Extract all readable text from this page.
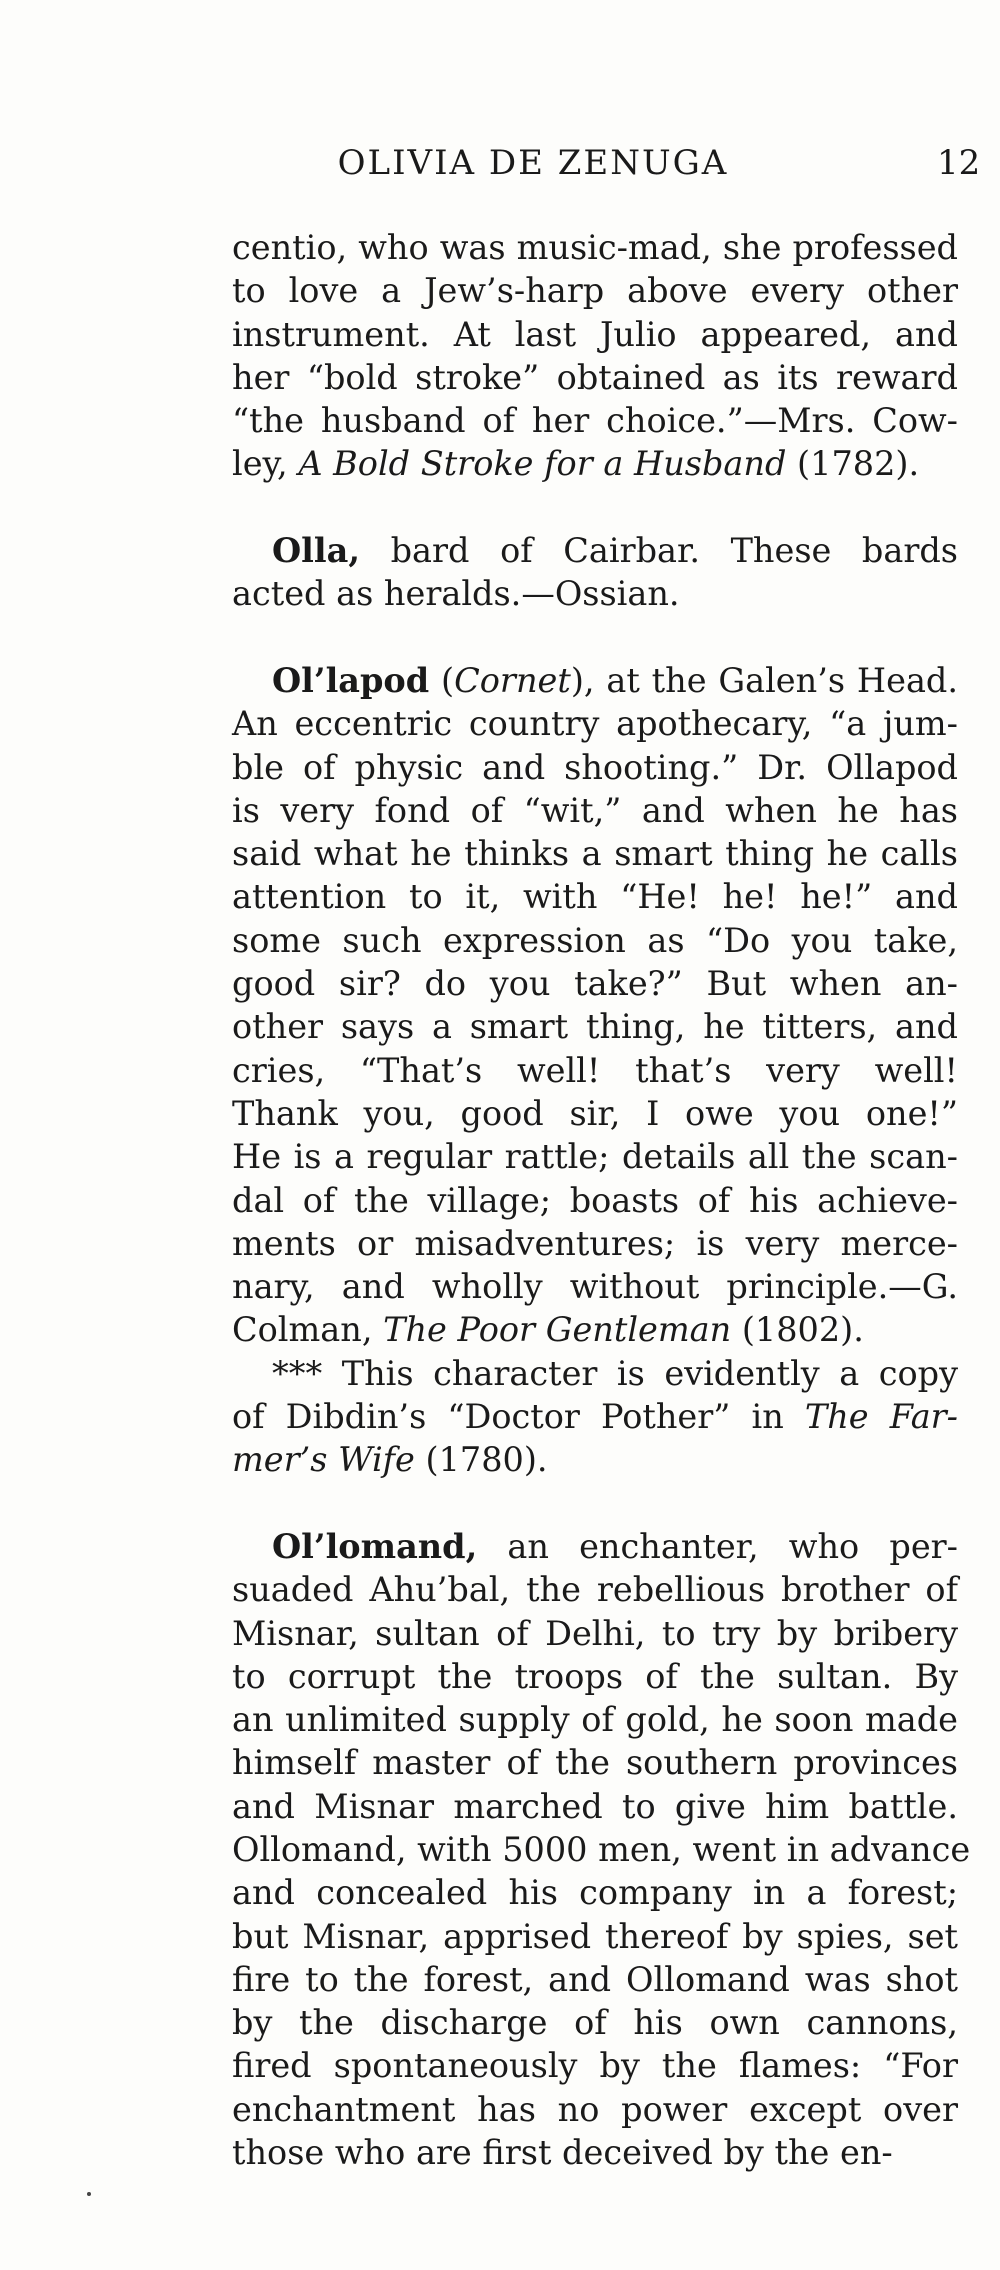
OLIVIA DE ZENUGA	12
centio, who was music-mad, she professed
to love a Jew’s-harp above every other
instrument. At last Julio appeared, and
her “bold stroke” obtained as its reward
“the husband of her choice.”—Mrs. Cow-
ley, A Bold Stroke for a Husband (1782).
Olla, bard of Cairbar. These bards
acted as heralds.—Ossian.
Ol’lapod (Cornet), at the Galen’s Head.
An eccentric country apothecary, “a jum-
ble of physic and shooting.” Dr. Ollapod
is very fond of “wit,” and when he has
said what he thinks a smart thing he calls
attention to it, with “He! he! he!” and
some such expression as “Do you take,
good sir? do you take?” But when an-
other says a smart thing, he titters, and
cries, “That’s well! that’s very well!
Thank you, good sir, I owe you one!”
He is a regular rattle; details all the scan-
dal of the village; boasts of his achieve-
ments or misadventures; is very merce-
nary, and wholly without principle.—G.
Colman, The Poor Gentleman (1802).
*** This character is evidently a copy
of Dibdin’s “Doctor Pother” in The Far-
mer’s Wife (1780).
Ol’lomand, an enchanter, who per-
suaded Ahu’bal, the rebellious brother of
Misnar, sultan of Delhi, to try by bribery
to corrupt the troops of the sultan. By
an unlimited supply of gold, he soon made
himself master of the southern provinces
and Misnar marched to give him battle.
Ollomand, with 5000 men, went in advance
and concealed his company in a forest;
but Misnar, apprised thereof by spies, set
fire to the forest, and Ollomand was shot
by the discharge of his own cannons,
fired spontaneously by the flames: “For
enchantment has no power except over
those who are first deceived by the en-
